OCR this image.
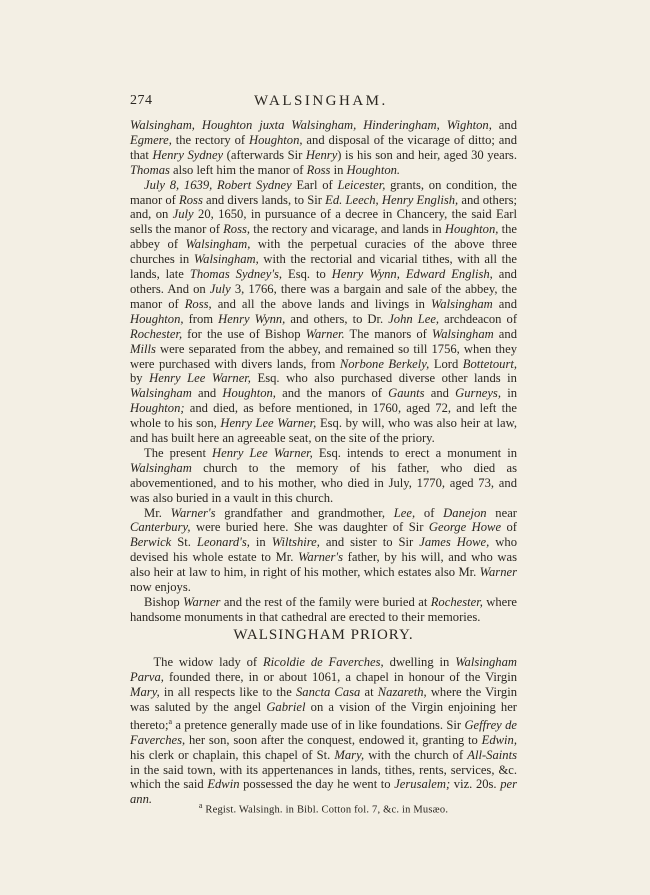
274	WALSINGHAM.

Walsingham, Houghton juxta Walsingham, Hinderingham, Wighton, and Egmere, the rectory of Houghton, and disposal of the vicarage of ditto; and that Henry Sydney (afterwards Sir Henry) is his son and heir, aged 30 years. Thomas also left him the manor of Ross in Houghton.

July 8, 1639, Robert Sydney Earl of Leicester, grants, on condition, the manor of Ross and divers lands, to Sir Ed. Leech, Henry English, and others; and, on July 20, 1650, in pursuance of a decree in Chancery, the said Earl sells the manor of Ross, the rectory and vicarage, and lands in Houghton, the abbey of Walsingham, with the perpetual curacies of the above three churches in Walsingham, with the rectorial and vicarial tithes, with all the lands, late Thomas Sydney's, Esq. to Henry Wynn, Edward English, and others. And on July 3, 1766, there was a bargain and sale of the abbey, the manor of Ross, and all the above lands and livings in Walsingham and Houghton, from Henry Wynn, and others, to Dr. John Lee, archdeacon of Rochester, for the use of Bishop Warner. The manors of Walsingham and Mills were separated from the abbey, and remained so till 1756, when they were purchased with divers lands, from Norbone Berkely, Lord Bottetourt, by Henry Lee Warner, Esq. who also purchased diverse other lands in Walsingham and Houghton, and the manors of Gaunts and Gurneys, in Houghton; and died, as before mentioned, in 1760, aged 72, and left the whole to his son, Henry Lee Warner, Esq. by will, who was also heir at law, and has built here an agreeable seat, on the site of the priory.

The present Henry Lee Warner, Esq. intends to erect a monument in Walsingham church to the memory of his father, who died as abovementioned, and to his mother, who died in July, 1770, aged 73, and was also buried in a vault in this church.

Mr. Warner's grandfather and grandmother, Lee, of Danejon near Canterbury, were buried here. She was daughter of Sir George Howe of Berwick St. Leonard's, in Wiltshire, and sister to Sir James Howe, who devised his whole estate to Mr. Warner's father, by his will, and who was also heir at law to him, in right of his mother, which estates also Mr. Warner now enjoys.

Bishop Warner and the rest of the family were buried at Rochester, where handsome monuments in that cathedral are erected to their memories.

WALSINGHAM PRIORY.

The widow lady of Ricoldie de Faverches, dwelling in Walsingham Parva, founded there, in or about 1061, a chapel in honour of the Virgin Mary, in all respects like to the Sancta Casa at Nazareth, where the Virgin was saluted by the angel Gabriel on a vision of the Virgin enjoining her thereto;$^a$ a pretence generally made use of in like foundations. Sir Geffrey de Faverches, her son, soon after the conquest, endowed it, granting to Edwin, his clerk or chaplain, this chapel of St. Mary, with the church of All-Saints in the said town, with its appertenances in lands, tithes, rents, services, &c. which the said Edwin possessed the day he went to Jerusalem; viz. 20s. per ann.	$^a$ Regist. Walsingh. in Bibl. Cotton fol. 7, &c. in Musæo.
